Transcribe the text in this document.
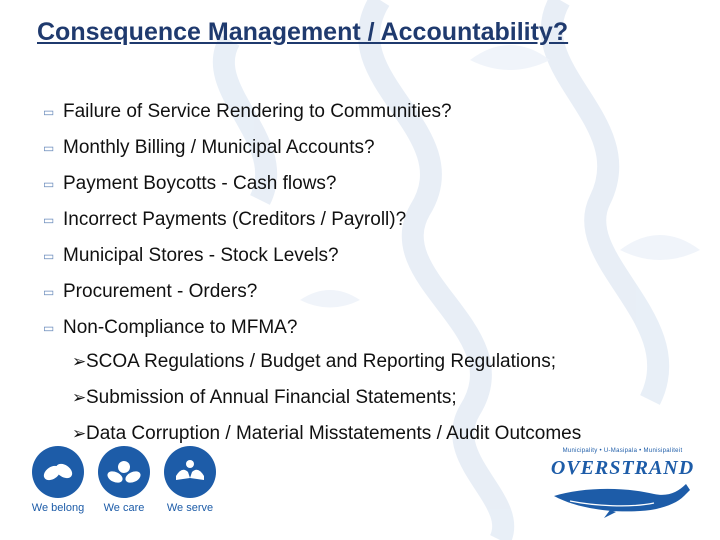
Consequence Management / Accountability?
▭ Failure of Service Rendering to Communities?
▭ Monthly Billing / Municipal Accounts?
▭ Payment Boycotts - Cash flows?
▭ Incorrect Payments (Creditors / Payroll)?
▭ Municipal Stores - Stock Levels?
▭ Procurement - Orders?
▭ Non-Compliance to MFMA?
➢ SCOA Regulations / Budget and Reporting Regulations;
➢ Submission of Annual Financial Statements;
➢ Data Corruption / Material Misstatements / Audit Outcomes
We belong	We care	We serve
Municipality • U-Masipala • Munisipaliteit
OVERSTRAND
